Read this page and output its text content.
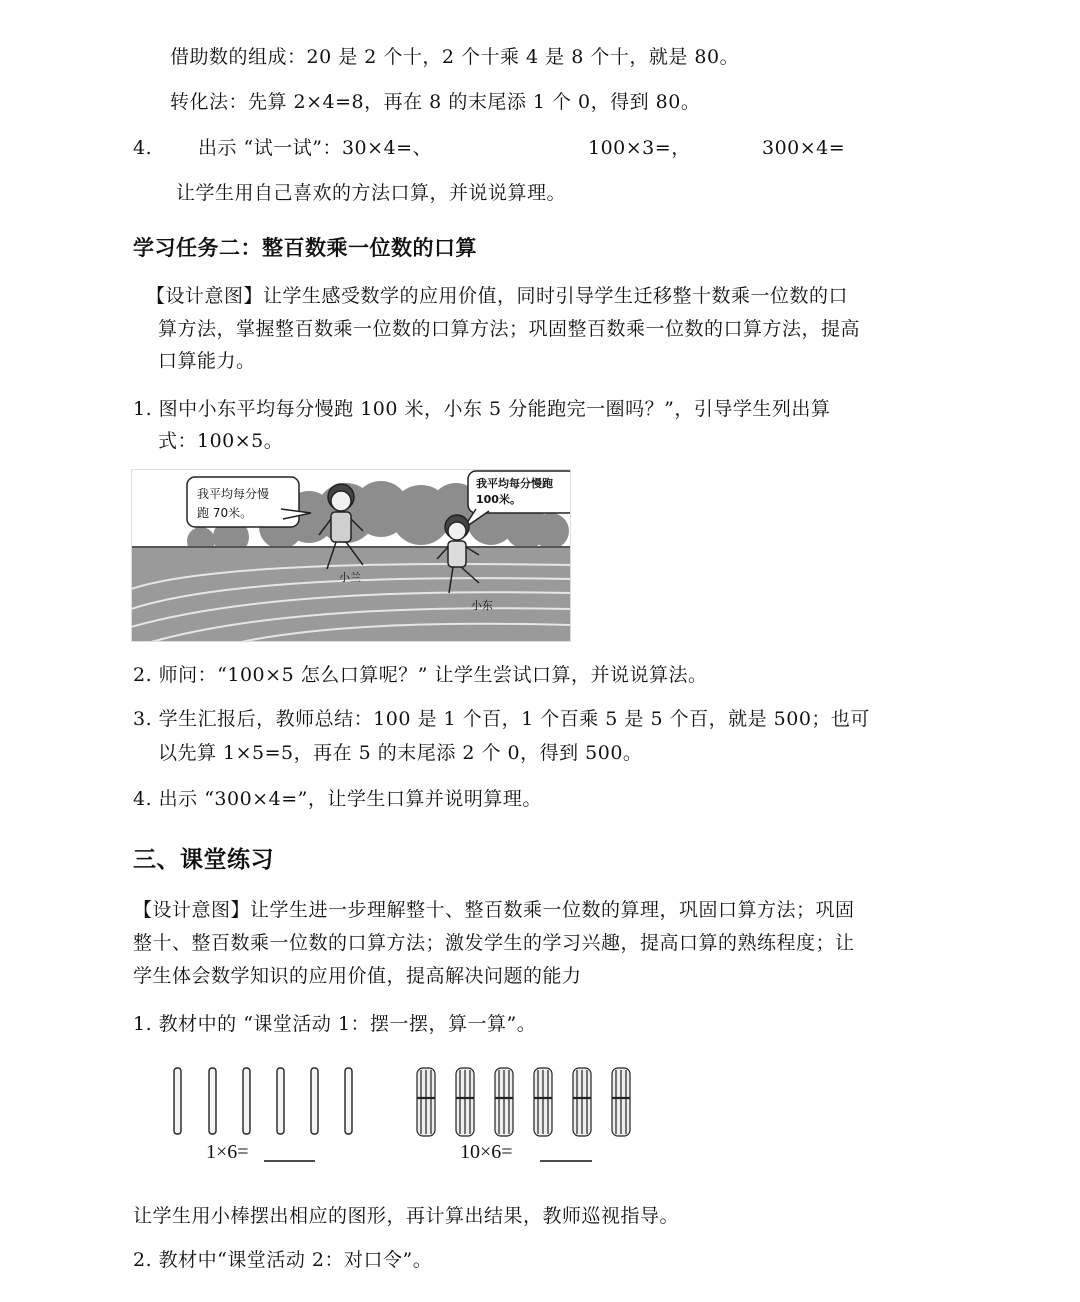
借助数的组成：20 是 2 个十，2 个十乘 4 是 8 个十，就是 80。
转化法：先算 2×4=8，再在 8 的末尾添 1 个 0，得到 80。
4. 出示 “试一试”：30×4=、	100×3=，	300×4=
让学生用自己喜欢的方法口算，并说说算理。
学习任务二：整百数乘一位数的口算
【设计意图】让学生感受数学的应用价值，同时引导学生迁移整十数乘一位数的口
算方法，掌握整百数乘一位数的口算方法；巩固整百数乘一位数的口算方法，提高
口算能力。
1. 图中小东平均每分慢跑 100 米，小东 5 分能跑完一圈吗？”，引导学生列出算
式：100×5。
我平均每分慢
跑 70米。
我平均每分慢跑
100米。
小兰
小东
2. 师问：“100×5 怎么口算呢？” 让学生尝试口算，并说说算法。
3. 学生汇报后，教师总结：100 是 1 个百，1 个百乘 5 是 5 个百，就是 500；也可
以先算 1×5=5，再在 5 的末尾添 2 个 0，得到 500。
4. 出示 “300×4=”，让学生口算并说明算理。
三、课堂练习
【设计意图】让学生进一步理解整十、整百数乘一位数的算理，巩固口算方法；巩固
整十、整百数乘一位数的口算方法；激发学生的学习兴趣，提高口算的熟练程度；让
学生体会数学知识的应用价值，提高解决问题的能力
1. 教材中的 “课堂活动 1：摆一摆，算一算”。
1×6=	10×6=
让学生用小棒摆出相应的图形，再计算出结果，教师巡视指导。
2. 教材中“课堂活动 2：对口令”。
